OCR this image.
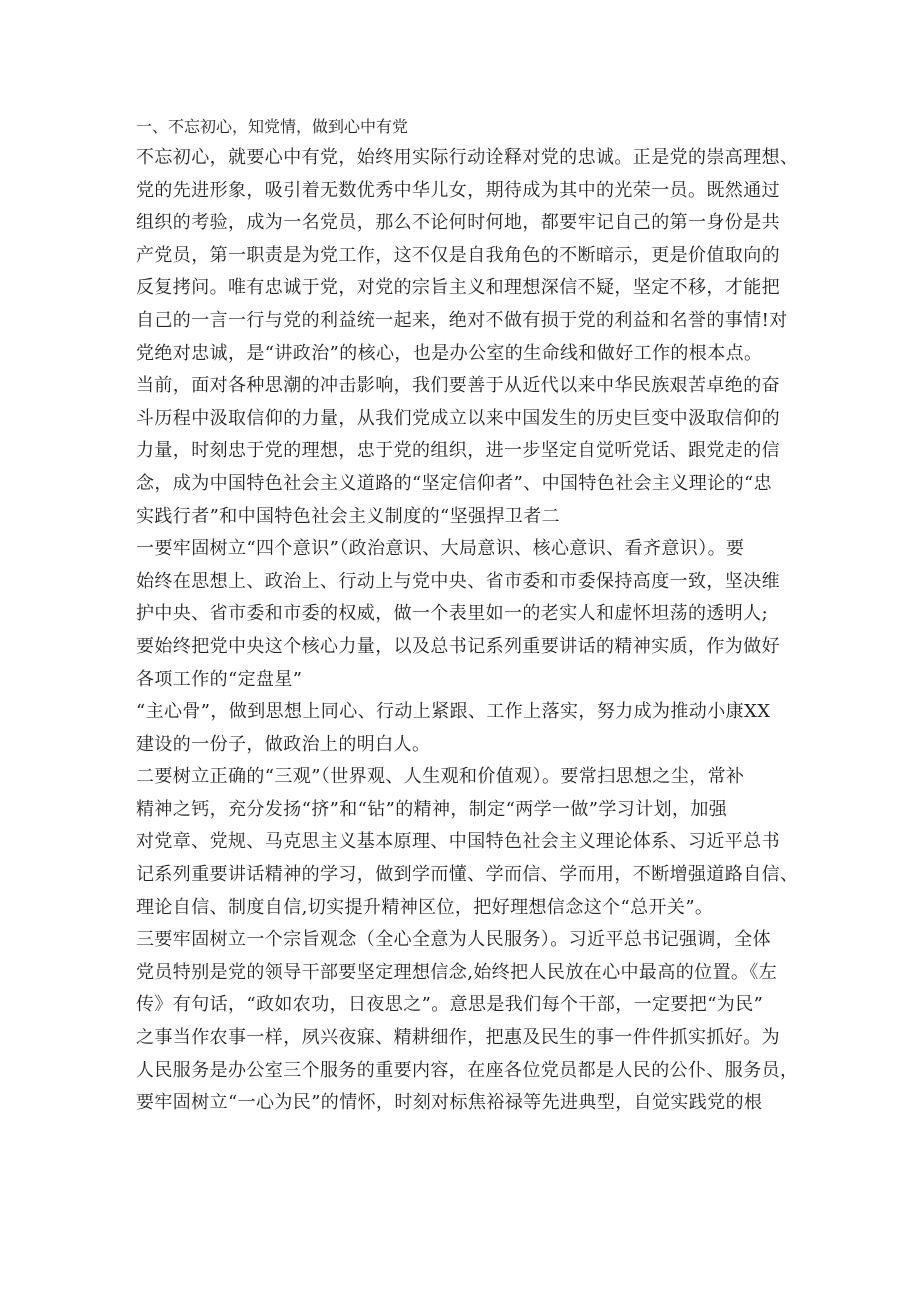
一、不忘初心，知党情，做到心中有党

不忘初心，就要心中有党，始终用实际行动诠释对党的忠诚。正是党的崇高理想、

党的先进形象，吸引着无数优秀中华儿女，期待成为其中的光荣一员。既然通过

组织的考验，成为一名党员，那么不论何时何地，都要牢记自己的第一身份是共

产党员，第一职责是为党工作，这不仅是自我角色的不断暗示，更是价值取向的

反复拷问。唯有忠诚于党，对党的宗旨主义和理想深信不疑，坚定不移，才能把

自己的一言一行与党的利益统一起来，绝对不做有损于党的利益和名誉的事情!对

党绝对忠诚，是“讲政治”的核心，也是办公室的生命线和做好工作的根本点。

当前，面对各种思潮的冲击影响，我们要善于从近代以来中华民族艰苦卓绝的奋

斗历程中汲取信仰的力量，从我们党成立以来中国发生的历史巨变中汲取信仰的

力量，时刻忠于党的理想，忠于党的组织，进一步坚定自觉听党话、跟党走的信

念，成为中国特色社会主义道路的“坚定信仰者”、中国特色社会主义理论的“忠

实践行者”和中国特色社会主义制度的“坚强捍卫者二

一要牢固树立“四个意识”（政治意识、大局意识、核心意识、看齐意识）。要

始终在思想上、政治上、行动上与党中央、省市委和市委保持高度一致，坚决维

护中央、省市委和市委的权威，做一个表里如一的老实人和虚怀坦荡的透明人;

要始终把党中央这个核心力量，以及总书记系列重要讲话的精神实质，作为做好

各项工作的“定盘星”

“主心骨”，做到思想上同心、行动上紧跟、工作上落实，努力成为推动小康XX

建设的一份子，做政治上的明白人。

二要树立正确的“三观”（世界观、人生观和价值观）。要常扫思想之尘，常补

精神之钙，充分发扬“挤”和“钻”的精神，制定“两学一做”学习计划，加强

对党章、党规、马克思主义基本原理、中国特色社会主义理论体系、习近平总书

记系列重要讲话精神的学习，做到学而懂、学而信、学而用，不断增强道路自信、

理论自信、制度自信,切实提升精神区位，把好理想信念这个“总开关”。

三要牢固树立一个宗旨观念（全心全意为人民服务）。习近平总书记强调，全体

党员特别是党的领导干部要坚定理想信念,始终把人民放在心中最高的位置。《左

传》有句话，“政如农功，日夜思之”。意思是我们每个干部，一定要把“为民”

之事当作农事一样，夙兴夜寐、精耕细作，把惠及民生的事一件件抓实抓好。为

人民服务是办公室三个服务的重要内容，在座各位党员都是人民的公仆、服务员，

要牢固树立“一心为民”的情怀，时刻对标焦裕禄等先进典型，自觉实践党的根
